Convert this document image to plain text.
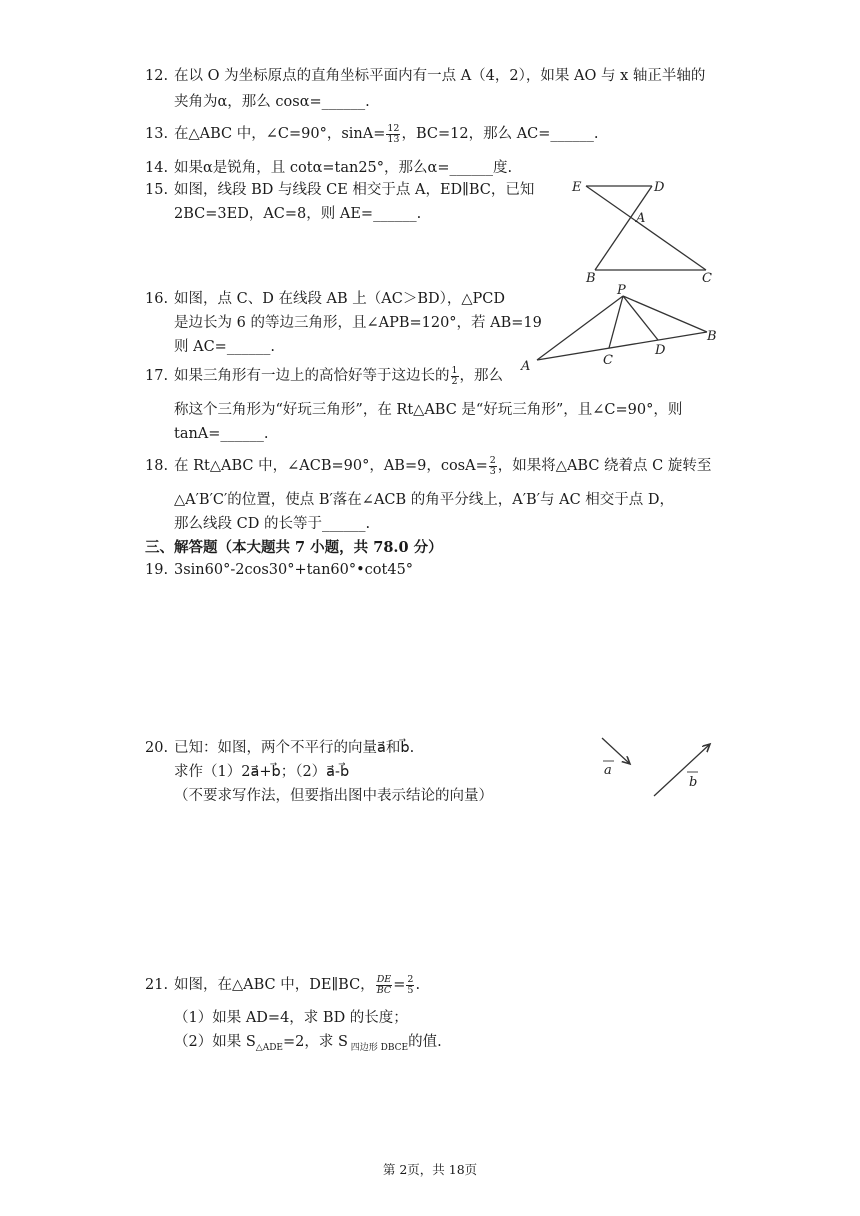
12. 在以 O 为坐标原点的直角坐标平面内有一点 A（4，2），如果 AO 与 x 轴正半轴的
夹角为α，那么 cosα=______.
13. 在△ABC 中，∠C=90°，$\sin A= \frac{12}{13}$ ，BC=12，那么 AC=______.
14. 如果α是锐角，且 cotα=tan25°，那么α=______度.
15. 如图，线段 BD 与线段 CE 相交于点 A，ED∥BC，已知
2BC=3ED，AC=8，则 AE=______.
E	D
A
B	C
16. 如图，点 C、D 在线段 AB 上（AC＞BD），△PCD
是边长为 6 的等边三角形，且∠APB=120°，若 AB=19
则 AC=______.
P
A
B
C
D
17. 如果三角形有一边上的高恰好等于这边长的 $\frac{1}{2}$ ，那么
称这个三角形为“好玩三角形”，在 Rt△ABC 是“好玩三角形”，且∠C=90°，则
tanA=______.
18. 在 Rt△ABC 中，∠ACB=90°，AB=9，$\cos A= \frac{2}{3}$ ，如果将△ABC 绕着点 C 旋转至
△A′B′C′的位置，使点 B′落在∠ACB 的角平分线上，A′B′与 AC 相交于点 D，
那么线段 CD 的长等于______.
三、解答题（本大题共 7 小题，共 78.0 分）
19. 3sin60°-2cos30°+tan60°•cot45°
20. 已知：如图，两个不平行的向量a⃗和b⃗.
求作（1）2a⃗+b⃗；（2）a⃗-b⃗
（不要求写作法，但要指出图中表示结论的向量）
a
b
21. 如图，在△ABC 中，DE∥BC， $\frac{DE}{BC} = \frac{2}{5}$ .
（1）如果 AD=4，求 BD 的长度；
（2）如果 $S_{\triangle ADE}=2$，求 S $_{四边形 DBCE}$的值.
第 2页，共 18页
